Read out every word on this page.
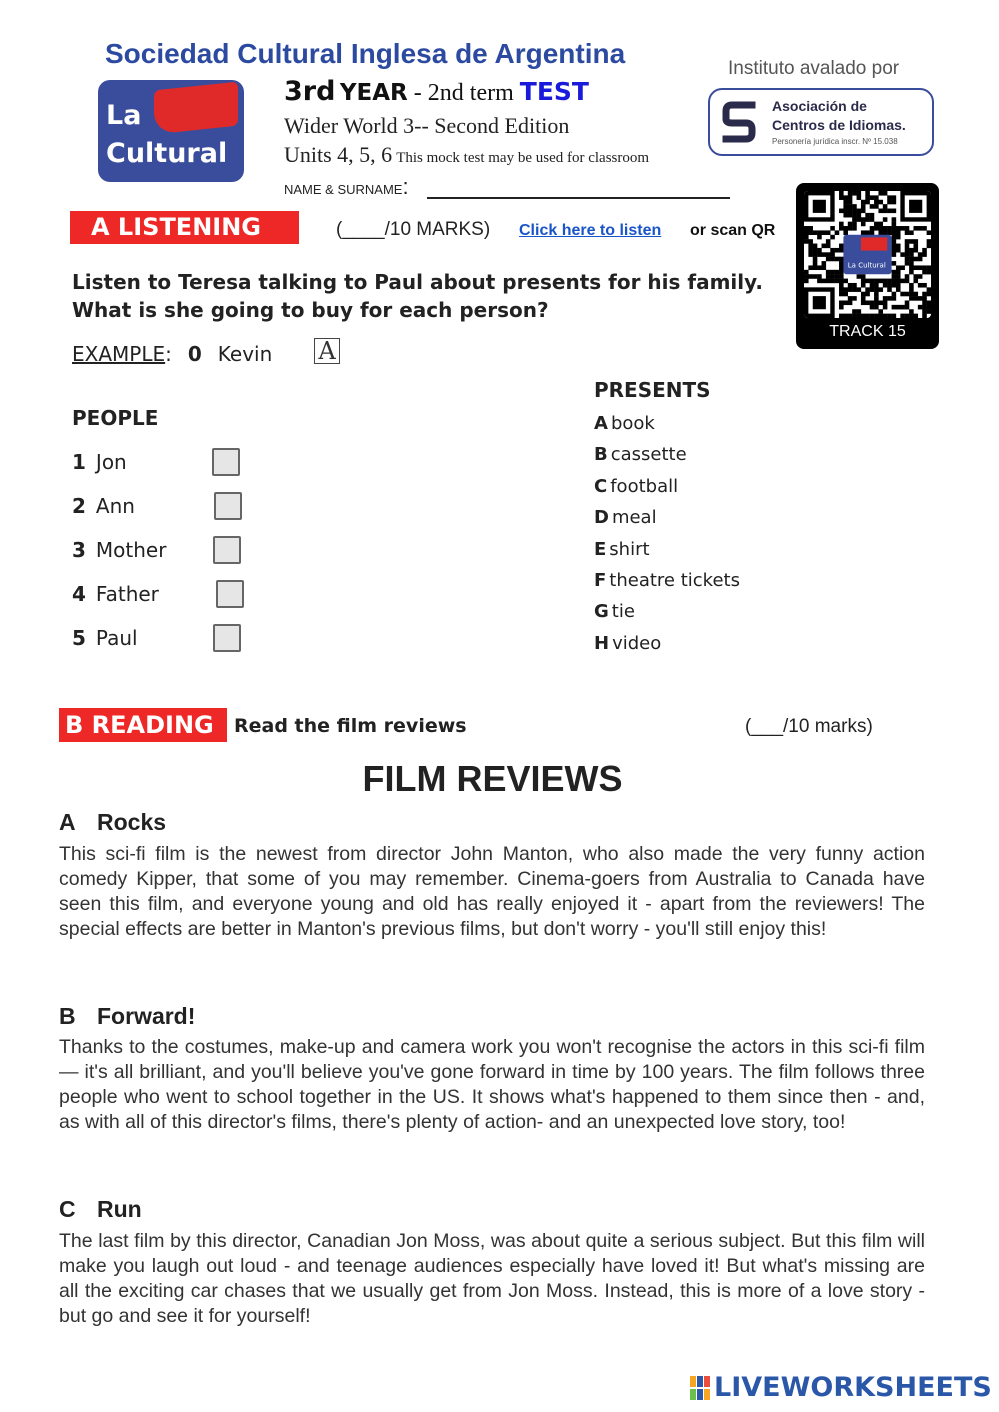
Sociedad Cultural Inglesa de Argentina
La
Cultural
3rd YEAR - 2nd term TEST
Wider World 3-- Second Edition
Units 4, 5, 6 This mock test may be used for classroom
NAME & SURNAME:
Instituto avalado por
Asociación de
Centros de Idiomas.
Personería jurídica inscr. Nº 15.038
La Cultural
TRACK 15
A LISTENING	(____/10 MARKS) Click here to listen or scan QR
Listen to Teresa talking to Paul about presents for his family.
What is she going to buy for each person?
EXAMPLE: 0 Kevin A
PEOPLE
1 Jon
2 Ann
3 Mother
4 Father
5 Paul
PRESENTS
A book
B cassette
C football
D meal
E shirt
F theatre tickets
G tie
H video
B READING	Read the film reviews	(___/10 marks)
FILM REVIEWS
A Rocks
This sci-fi film is the newest from director John Manton, who also made the very funny action comedy Kipper, that some of you may remember. Cinema-goers from Australia to Canada have seen this film, and everyone young and old has really enjoyed it - apart from the reviewers! The special effects are better in Manton's previous films, but don't worry - you'll still enjoy this!
B Forward!
Thanks to the costumes, make-up and camera work you won't recognise the actors in this sci-fi film — it's all brilliant, and you'll believe you've gone forward in time by 100 years. The film follows three people who went to school together in the US. It shows what's happened to them since then - and, as with all of this director's films, there's plenty of action- and an unexpected love story, too!
C Run
The last film by this director, Canadian Jon Moss, was about quite a serious subject. But this film will make you laugh out loud - and teenage audiences especially have loved it! But what's missing are all the exciting car chases that we usually get from Jon Moss. Instead, this is more of a love story - but go and see it for yourself!
LIVEWORKSHEETS
